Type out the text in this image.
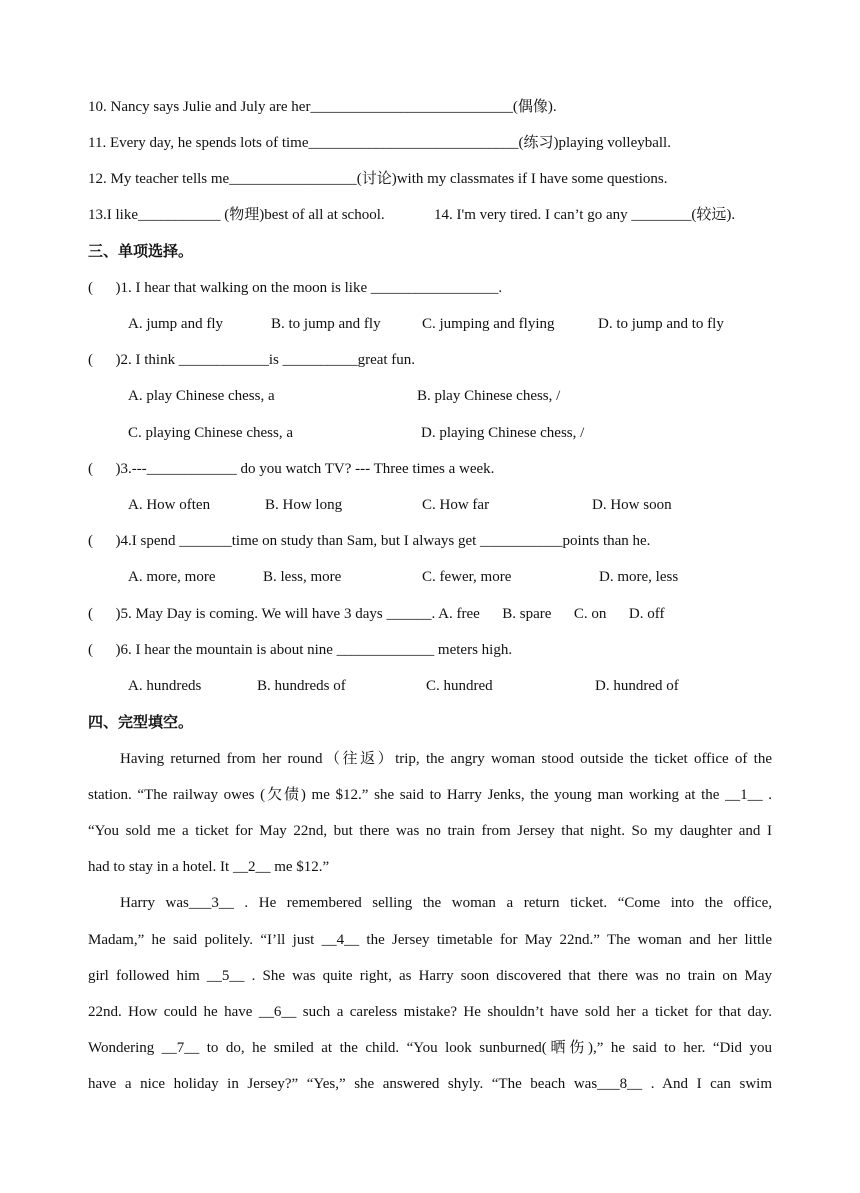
10. Nancy says Julie and July are her___________________________(偶像).
11. Every day, he spends lots of time____________________________(练习)playing volleyball.
12. My teacher tells me_________________(讨论)with my classmates if I have some questions.
13.I like___________ (物理)best of all at school.	14. I'm very tired. I can’t go any ________(较远).
三、单项选择。
(      )1. I hear that walking on the moon is like _________________.
A. jump and fly	B. to jump and fly	C. jumping and flying	D. to jump and to fly
(      )2. I think ____________is __________great fun.
A. play Chinese chess, a	B. play Chinese chess, /
C. playing Chinese chess, a	D. playing Chinese chess, /
(      )3.---____________ do you watch TV? --- Three times a week.
A. How often	B. How long	C. How far	D. How soon
(      )4.I spend _______time on study than Sam, but I always get ___________points than he.
A. more, more	B. less, more	C. fewer, more	D. more, less
(      )5. May Day is coming. We will have 3 days ______. A. free      B. spare      C. on      D. off
(      )6. I hear the mountain is about nine _____________ meters high.
A. hundreds	B. hundreds of	C. hundred	D. hundred of
四、完型填空。
Having returned from her round（往返）trip, the angry woman stood outside the ticket office of the
station. “The railway owes (欠债) me $12.” she said to Harry Jenks, the young man working at the __1__ .
“You sold me a ticket for May 22nd, but there was no train from Jersey that night. So my daughter and I
had to stay in a hotel. It __2__ me $12.”
Harry was___3__ . He remembered selling the woman a return ticket. “Come into the office,
Madam,” he said politely. “I’ll just __4__ the Jersey timetable for May 22nd.” The woman and her little
girl followed him __5__ . She was quite right, as Harry soon discovered that there was no train on May
22nd. How could he have __6__ such a careless mistake? He shouldn’t have sold her a ticket for that day.
Wondering __7__ to do, he smiled at the child. “You look sunburned(晒伤),” he said to her. “Did you
have a nice holiday in Jersey?” “Yes,” she answered shyly. “The beach was___8__ . And I can swim
